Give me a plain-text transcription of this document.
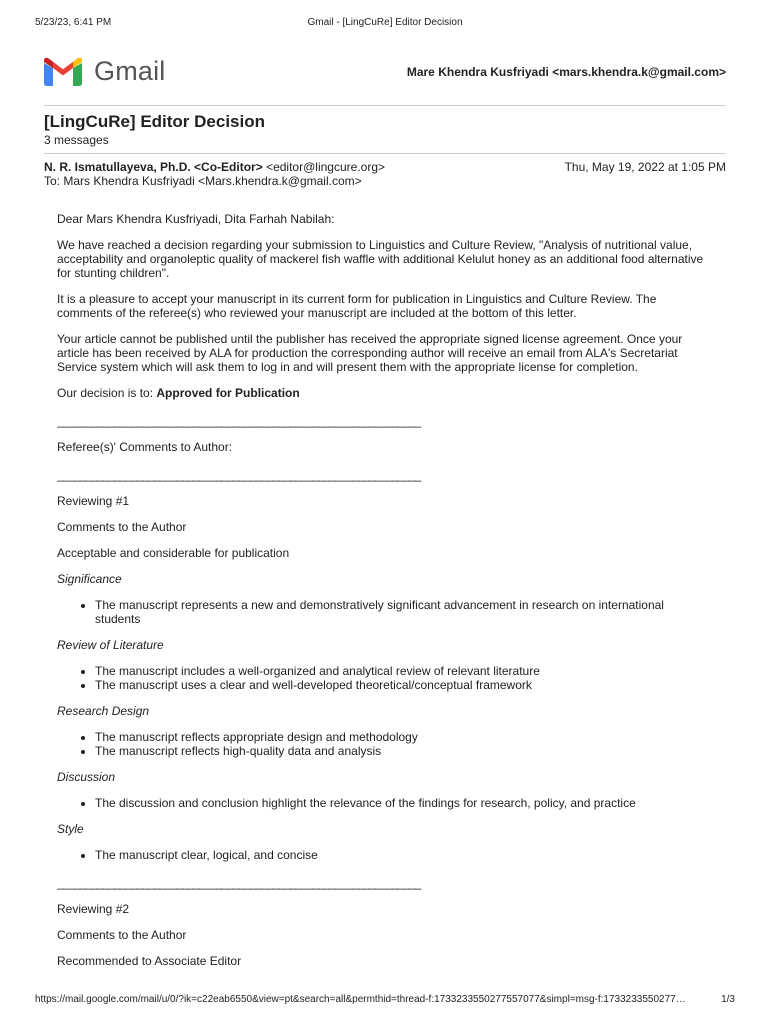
5/23/23, 6:41 PM	Gmail - [LingCuRe] Editor Decision
Gmail	Mare Khendra Kusfriyadi <mars.khendra.k@gmail.com>
[LingCuRe] Editor Decision
3 messages
N. R. Ismatullayeva, Ph.D. <Co-Editor> <editor@lingcure.org>	Thu, May 19, 2022 at 1:05 PM
To: Mars Khendra Kusfriyadi <Mars.khendra.k@gmail.com>

Dear Mars Khendra Kusfriyadi, Dita Farhah Nabilah:

We have reached a decision regarding your submission to Linguistics and Culture Review, "Analysis of nutritional value, acceptability and organoleptic quality of mackerel fish waffle with additional Kelulut honey as an additional food alternative for stunting children".

It is a pleasure to accept your manuscript in its current form for publication in Linguistics and Culture Review. The comments of the referee(s) who reviewed your manuscript are included at the bottom of this letter.

Your article cannot be published until the publisher has received the appropriate signed license agreement. Once your article has been received by ALA for production the corresponding author will receive an email from ALA's Secretariat Service system which will ask them to log in and will present them with the appropriate license for completion.

Our decision is to: Approved for Publication

________________________________________________________________

Referee(s)' Comments to Author:

________________________________________________________________

Reviewing #1

Comments to the Author

Acceptable and considerable for publication

Significance

• The manuscript represents a new and demonstratively significant advancement in research on international students

Review of Literature

• The manuscript includes a well-organized and analytical review of relevant literature
• The manuscript uses a clear and well-developed theoretical/conceptual framework

Research Design

• The manuscript reflects appropriate design and methodology
• The manuscript reflects high-quality data and analysis

Discussion

• The discussion and conclusion highlight the relevance of the findings for research, policy, and practice

Style

• The manuscript clear, logical, and concise

________________________________________________________________

Reviewing #2

Comments to the Author

Recommended to Associate Editor

https://mail.google.com/mail/u/0/?ik=c22eab6550&view=pt&search=all&permthid=thread-f:1733233550277557077&simpl=msg-f:1733233550277…	1/3
